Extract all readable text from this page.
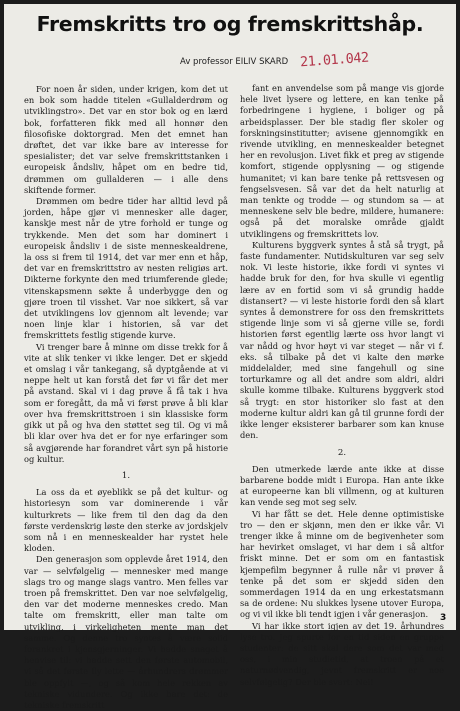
Fremskritts tro og fremskrittshåp.
Av professor EILIV SKARD 21.01.042

For noen år siden, under krigen, kom det ut en bok som hadde titelen «Gullalderdrøm og utviklingstro». Det var en stor bok og en lærd bok, forfatteren fikk med all honnør den filosofiske doktorgrad. Men det emnet han drøftet, det var ikke bare av interesse for spesialister; det var selve fremskrittstanken i europeisk åndsliv, håpet om en bedre tid, drømmen om gullalderen — i alle dens skiftende former.

Drømmen om bedre tider har alltid levd på jorden, håpe gjør vi mennesker alle dager, kanskje mest når de ytre forhold er tunge og trykkende. Men det som har dominert i europeisk åndsliv i de siste menneskealdrene, la oss si frem til 1914, det var mer enn et håp, det var en fremskrittstro av nesten religiøs art. Dikterne forkynte den med triumferende glede; vitenskapsmenn søkte å underbygge den og gjøre troen til visshet. Var noe sikkert, så var det utviklingens lov gjennom alt levende; var noen linje klar i historien, så var det fremskrittets festlig stigende kurve.

Vi trenger bare å minne om disse trekk for å vite at slik tenker vi ikke lenger. Det er skjedd et omslag i vår tankegang, så dyptgående at vi neppe helt ut kan forstå det før vi får det mer på avstand. Skal vi i dag prøve å få tak i hva som er foregått, da må vi først prøve å bli klar over hva fremskrittstroen i sin klassiske form gikk ut på og hva den støttet seg til. Og vi må bli klar over hva det er for nye erfaringer som så avgjørende har forandret vårt syn på historie og kultur.

1.

La oss da et øyeblikk se på det kultur- og historiesyn som var dominerende i vår kulturkrets — like frem til den dag da den første verdenskrig løste den sterke av jordskjelv som nå i en menneskealder har rystet hele kloden.

Den generasjon som opplevde året 1914, den var — selvfølgelig — mennesker med mange slags tro og mange slags vantro. Men felles var troen på fremskrittet. Den var noe selvfølgelig, den var det moderne menneskes credo. Man talte om fremskritt, eller man talte om utvikling, i virkeligheten mente man det samme. Og denne tro syntes å være solid forankret i kjensgjerninger. Vi hadde snaget å henvise til: vi hadde sett den første automobil, vi så det første fly lette — århundrers drømmer ble oppfylt —, og så kom hele rekken av tekniske vidundere. Og ikke bare det: de tekniske fremskritt

fant en anvendelse som på mange vis gjorde hele livet lysere og lettere, en kan tenke på forbedringene i hygiene, i boliger og på arbeidsplasser. Der ble stadig fler skoler og forskningsinstitutter; avisene gjennomgikk en rivende utvikling, en menneskealder betegnet her en revolusjon. Livet fikk et preg av stigende komfort, stigende opplysning — og stigende humanitet; vi kan bare tenke på rettsvesen og fengselsvesen. Så var det da helt naturlig at man tenkte og trodde — og stundom sa — at menneskene selv ble bedre, mildere, humanere: også på det moralske område gjaldt utviklingens og fremskrittets lov.

Kulturens byggverk syntes å stå så trygt, på faste fundamenter. Nutidskulturen var seg selv nok. Vi leste historie, ikke fordi vi syntes vi hadde bruk for den, for hva skulle vi egentlig lære av en fortid som vi så grundig hadde distansert? — vi leste historie fordi den så klart syntes å demonstrere for oss den fremskrittets stigende linje som vi så gjerne ville se, fordi historien først egentlig lærte oss hvor langt vi var nådd og hvor høyt vi var steget — når vi f. eks. så tilbake på det vi kalte den mørke middelalder, med sine fangehull og sine torturkamre og all det andre som aldri, aldri skulle komme tilbake. Kulturens byggverk stod så trygt: en stor historiker slo fast at den moderne kultur aldri kan gå til grunne fordi der ikke lenger eksisterer barbarer som kan knuse den.

2.

Den utmerkede lærde ante ikke at disse barbarene bodde midt i Europa. Han ante ikke at europeerne kan bli villmenn, og at kulturen kan vende seg mot seg selv.

Vi har fått se det. Hele denne optimistiske tro — den er skjønn, men den er ikke vår. Vi trenger ikke å minne om de begivenheter som har hevirket omslaget, vi har dem i så altfor friskt minne. Det er som om en fantastisk kjempefilm begynner å rulle når vi prøver å tenke på det som er skjedd siden den sommerdagen 1914 da en ung erkestatsmann sa de ordene: Nu slukkes lysene utover Europa, og vi vil ikke bli tendt igjen i vår generasjon.

Vi har ikke stort igjen av det 19. århundres lyse tro. Jeg spurte for en tid siden en gruppe studenter: de sitt skal dere som det var med oss, i min studietid, at troen på et naturnødvendig, jevnt fremskritt er noe selvfølgelig? Der ble svart: Nei!

3
